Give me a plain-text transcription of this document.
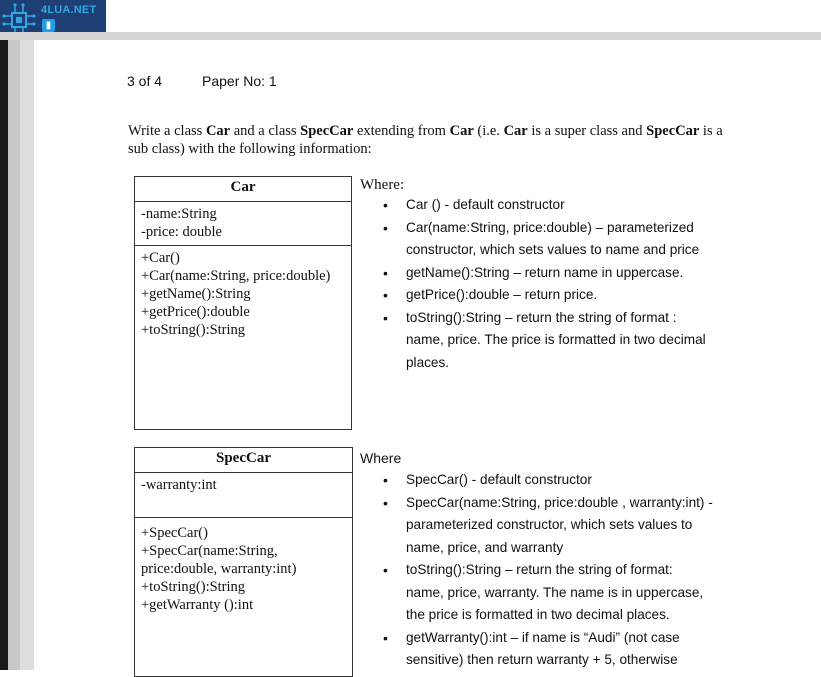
4LUA.NET
▮
3 of 4	Paper No: 1
Write a class Car and a class SpecCar extending from Car (i.e. Car is a super class and SpecCar is a
sub class) with the following information:
Car
-name:String
-price: double
+Car()
+Car(name:String, price:double)
+getName():String
+getPrice():double
+toString():String
Where:
• Car () - default constructor
• Car(name:String, price:double) – parameterized
constructor, which sets values to name and price
• getName():String – return name in uppercase.
• getPrice():double – return price.
• toString():String – return the string of format :
name, price. The price is formatted in two decimal
places.
SpecCar
-warranty:int
+SpecCar()
+SpecCar(name:String,
price:double, warranty:int)
+toString():String
+getWarranty ():int
Where
• SpecCar() - default constructor
• SpecCar(name:String, price:double , warranty:int) -
parameterized constructor, which sets values to
name, price, and warranty
• toString():String – return the string of format:
name, price, warranty. The name is in uppercase,
the price is formatted in two decimal places.
• getWarranty():int – if name is “Audi” (not case
sensitive) then return warranty + 5, otherwise
